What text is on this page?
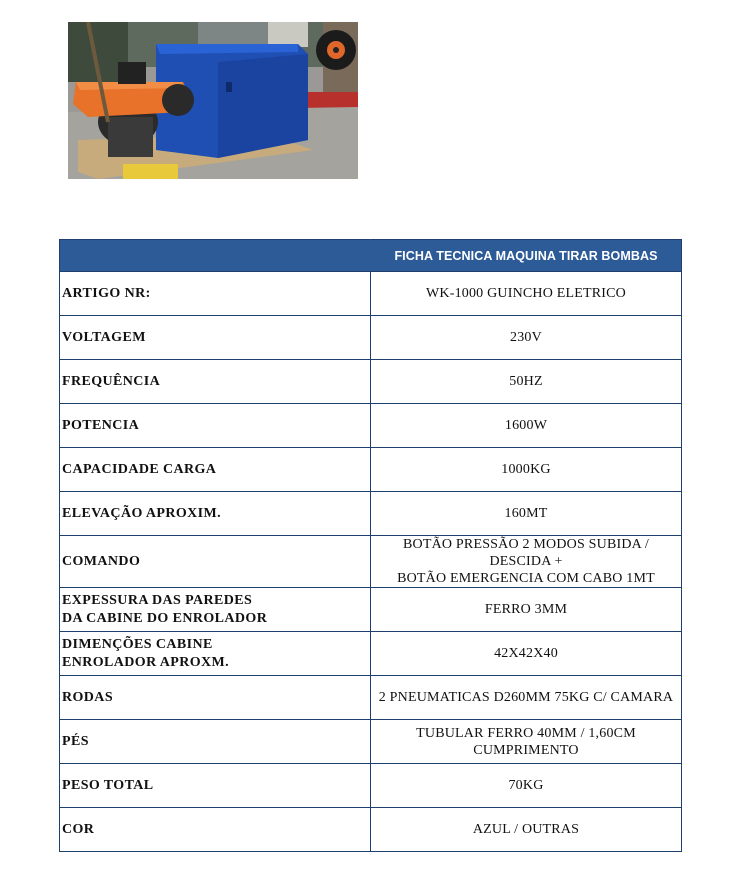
	FICHA TECNICA MAQUINA TIRAR BOMBAS
ARTIGO NR:	WK-1000 GUINCHO ELETRICO
VOLTAGEM	230V
FREQUÊNCIA	50HZ
POTENCIA	1600W
CAPACIDADE CARGA	1000KG
ELEVAÇÃO APROXIM.	160MT
COMANDO	BOTÃO PRESSÃO 2 MODOS SUBIDA / DESCIDA +
BOTÃO EMERGENCIA COM CABO 1MT
EXPESSURA DAS PAREDES
DA CABINE DO ENROLADOR	FERRO 3MM
DIMENÇÕES CABINE
ENROLADOR APROXM.	42X42X40
RODAS	2 PNEUMATICAS D260MM 75KG C/ CAMARA
PÉS	TUBULAR FERRO 40MM / 1,60CM CUMPRIMENTO
PESO TOTAL	70KG
COR	AZUL / OUTRAS
